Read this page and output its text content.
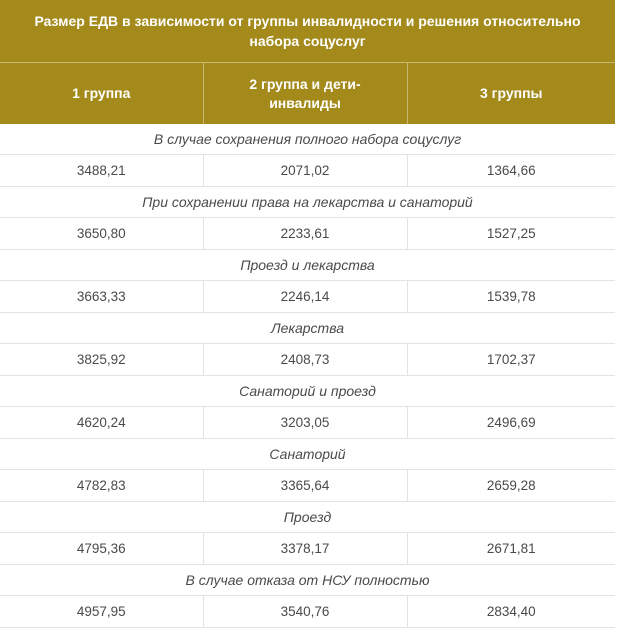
Размер ЕДВ в зависимости от группы инвалидности и решения относительно набора соцуслуг		
1 группа	2 группа и дети-инвалиды	3 группы
В случае сохранения полного набора соцуслуг		
3488,21	2071,02	1364,66
При сохранении права на лекарства и санаторий		
3650,80	2233,61	1527,25
Проезд и лекарства		
3663,33	2246,14	1539,78
Лекарства		
3825,92	2408,73	1702,37
Санаторий и проезд		
4620,24	3203,05	2496,69
Санаторий		
4782,83	3365,64	2659,28
Проезд		
4795,36	3378,17	2671,81
В случае отказа от НСУ полностью		
4957,95	3540,76	2834,40
